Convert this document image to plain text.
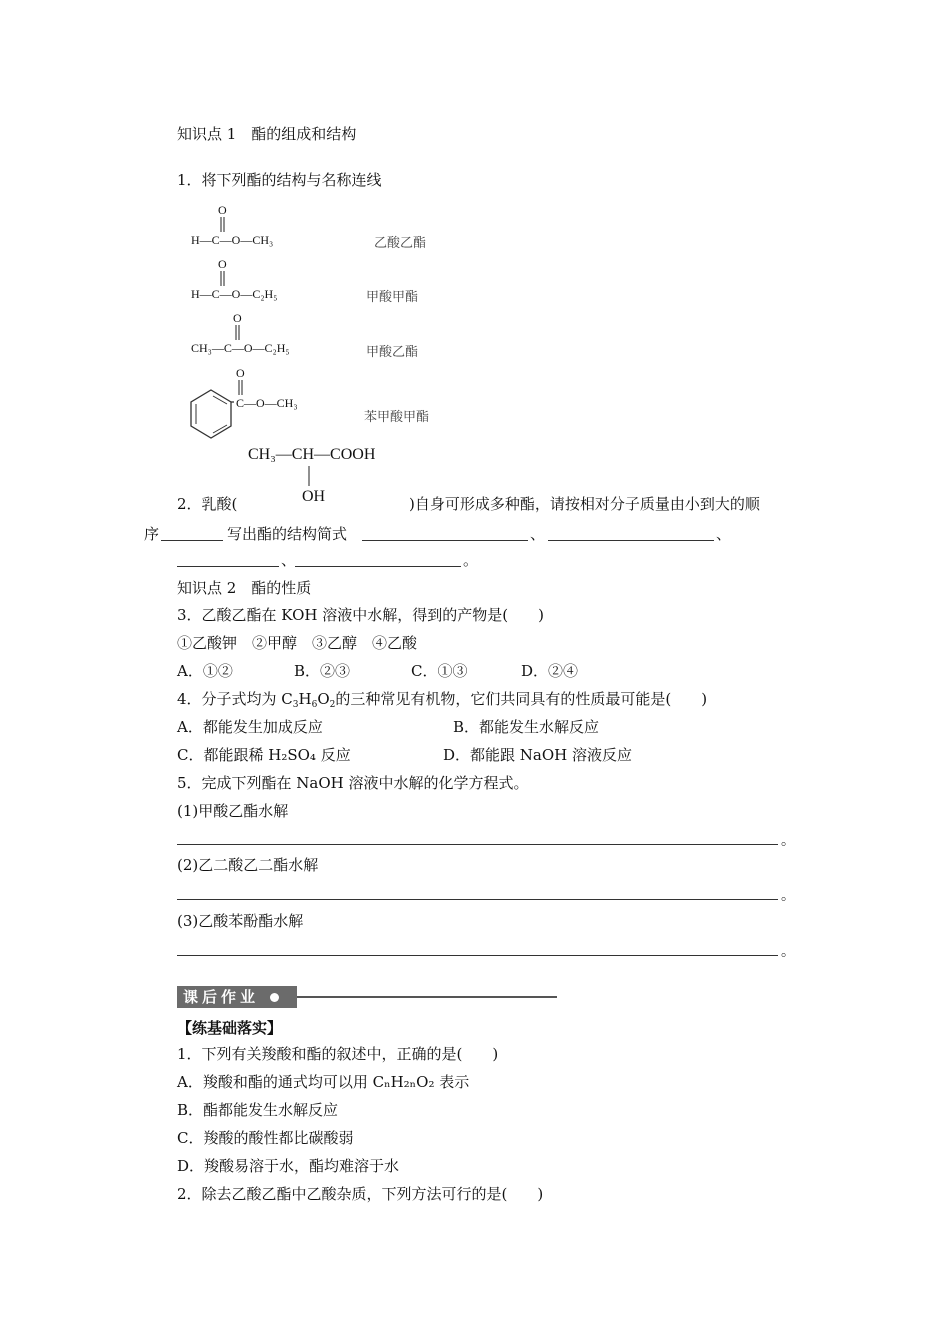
知识点 1　酯的组成和结构
1．将下列酯的结构与名称连线
O
H—C—O—CH₃	乙酸乙酯
O
H—C—O—C₂H₅	甲酸甲酯
O
CH₃—C—O—C₂H₅	甲酸乙酯
O
C—O—CH₃
苯甲酸甲酯
CH₃—CH—COOH
OH
2．乳酸(	)自身可形成多种酯，请按相对分子质量由小到大的顺
序	写出酯的结构简式	、	、
、	。
知识点 2　酯的性质
3．乙酸乙酯在 KOH 溶液中水解，得到的产物是(　　)
①乙酸钾　②甲醇　③乙醇　④乙酸
A．①②	B．②③	C．①③	D．②④
4．分子式均为 $C_3H_6O_2$的三种常见有机物，它们共同具有的性质最可能是(　　)
A．都能发生加成反应	B．都能发生水解反应
C．都能跟稀 H₂SO₄ 反应	D．都能跟 NaOH 溶液反应
5．完成下列酯在 NaOH 溶液中水解的化学方程式。
(1)甲酸乙酯水解
。
(2)乙二酸乙二酯水解
。
(3)乙酸苯酚酯水解
。
课后作业
【练基础落实】
1．下列有关羧酸和酯的叙述中，正确的是(　　)
A．羧酸和酯的通式均可以用 CₙH₂ₙO₂ 表示
B．酯都能发生水解反应
C．羧酸的酸性都比碳酸弱
D．羧酸易溶于水，酯均难溶于水
2．除去乙酸乙酯中乙酸杂质，下列方法可行的是(　　)
